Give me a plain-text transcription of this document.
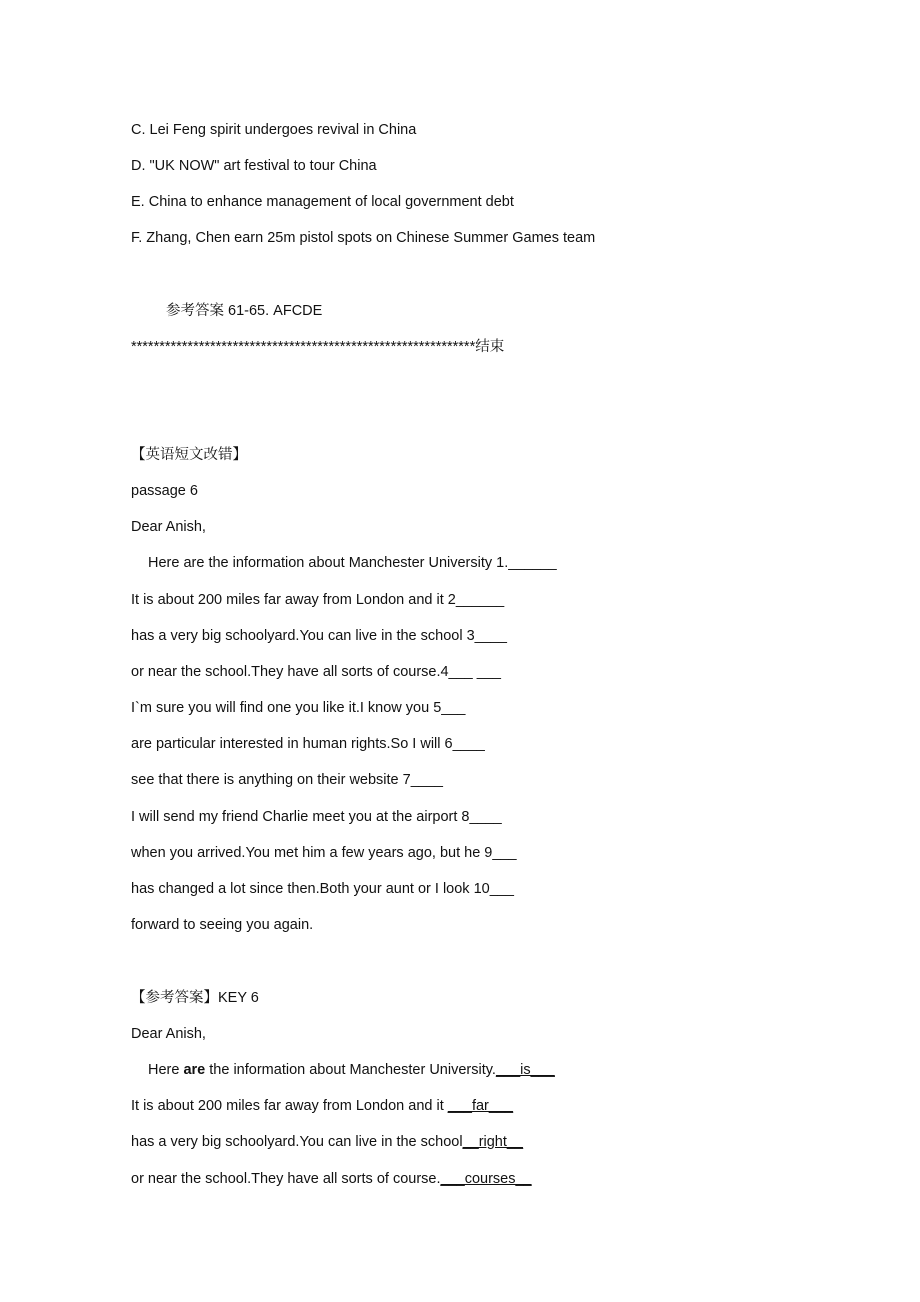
C. Lei Feng spirit undergoes revival in China
D. "UK NOW" art festival to tour China
E. China to enhance management of local government debt
F. Zhang, Chen earn 25m pistol spots on Chinese Summer Games team
参考答案 61-65. AFCDE
*************************************************************结束
【英语短文改错】
passage 6
Dear Anish,
Here are the information about Manchester University 1.______
It is about 200 miles far away from London and it 2______
has a very big schoolyard.You can live in the school 3____
or near the school.They have all sorts of course.4___ ___
I`m sure you will find one you like it.I know you 5___
are particular interested in human rights.So I will 6____
see that there is anything on their website 7____
I will send my friend Charlie meet you at the airport 8____
when you arrived.You met him a few years ago, but he 9___
has changed a lot since then.Both your aunt or I look 10___
forward to seeing you again.
【参考答案】KEY 6
Dear Anish,
Here are the information about Manchester University.___is___
It is about 200 miles far away from London and it ___far___
has a very big schoolyard.You can live in the school__right__
or near the school.They have all sorts of course.___courses__
